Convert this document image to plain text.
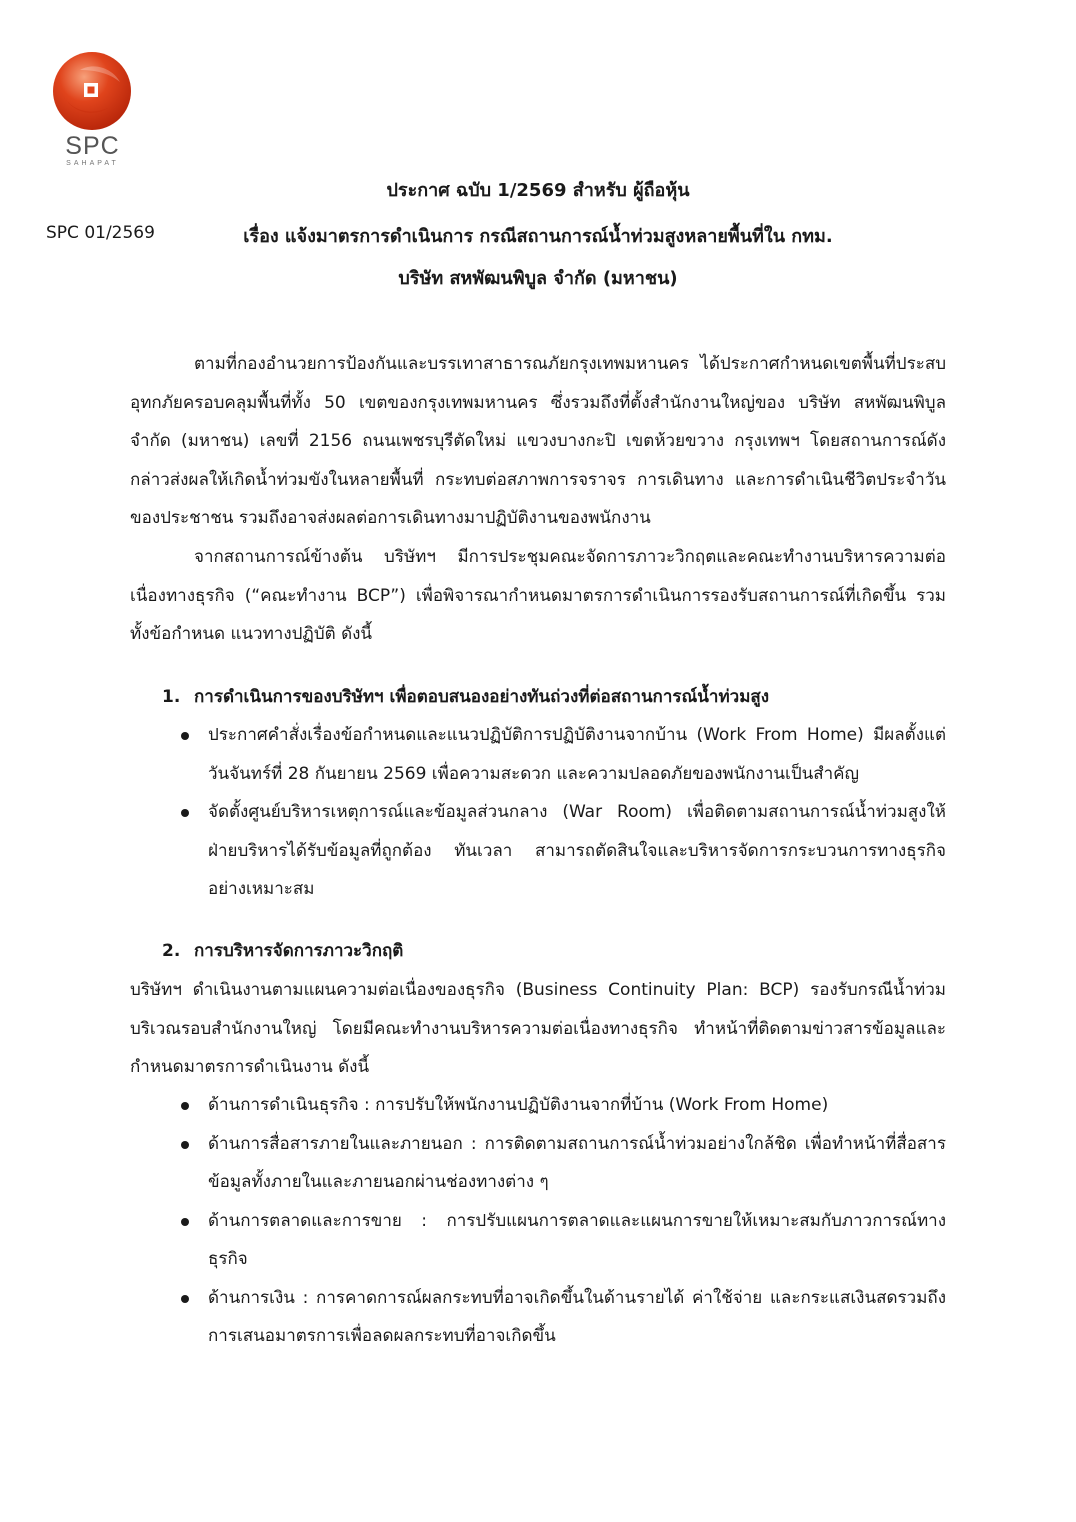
SPC
SAHAPAT
SPC 01/2569
ประกาศ ฉบับ 1/2569 สำหรับ ผู้ถือหุ้น
เรื่อง แจ้งมาตรการดำเนินการ กรณีสถานการณ์น้ำท่วมสูงหลายพื้นที่ใน กทม.
บริษัท สหพัฒนพิบูล จำกัด (มหาชน)

ตามที่กองอำนวยการป้องกันและบรรเทาสาธารณภัยกรุงเทพมหานคร ได้ประกาศกำหนดเขตพื้นที่ประสบอุทกภัยครอบคลุมพื้นที่ทั้ง 50 เขตของกรุงเทพมหานคร ซึ่งรวมถึงที่ตั้งสำนักงานใหญ่ของ บริษัท สหพัฒนพิบูล จำกัด (มหาชน) เลขที่ 2156 ถนนเพชรบุรีตัดใหม่ แขวงบางกะปิ เขตห้วยขวาง กรุงเทพฯ โดยสถานการณ์ดังกล่าวส่งผลให้เกิดน้ำท่วมขังในหลายพื้นที่ กระทบต่อสภาพการจราจร การเดินทาง และการดำเนินชีวิตประจำวันของประชาชน รวมถึงอาจส่งผลต่อการเดินทางมาปฏิบัติงานของพนักงาน

จากสถานการณ์ข้างต้น บริษัทฯ มีการประชุมคณะจัดการภาวะวิกฤตและคณะทำงานบริหารความต่อเนื่องทางธุรกิจ (“คณะทำงาน BCP”) เพื่อพิจารณากำหนดมาตรการดำเนินการรองรับสถานการณ์ที่เกิดขึ้น รวมทั้งข้อกำหนด แนวทางปฏิบัติ ดังนี้

1. การดำเนินการของบริษัทฯ เพื่อตอบสนองอย่างทันถ่วงที่ต่อสถานการณ์น้ำท่วมสูง
ประกาศคำสั่งเรื่องข้อกำหนดและแนวปฏิบัติการปฏิบัติงานจากบ้าน (Work From Home) มีผลตั้งแต่วันจันทร์ที่ 28 กันยายน 2569 เพื่อความสะดวก และความปลอดภัยของพนักงานเป็นสำคัญ
จัดตั้งศูนย์บริหารเหตุการณ์และข้อมูลส่วนกลาง (War Room) เพื่อติดตามสถานการณ์น้ำท่วมสูงให้ฝ่ายบริหารได้รับข้อมูลที่ถูกต้อง ทันเวลา สามารถตัดสินใจและบริหารจัดการกระบวนการทางธุรกิจอย่างเหมาะสม
2. การบริหารจัดการภาวะวิกฤติ

บริษัทฯ ดำเนินงานตามแผนความต่อเนื่องของธุรกิจ (Business Continuity Plan: BCP) รองรับกรณีน้ำท่วมบริเวณรอบสำนักงานใหญ่ โดยมีคณะทำงานบริหารความต่อเนื่องทางธุรกิจ ทำหน้าที่ติดตามข่าวสารข้อมูลและกำหนดมาตรการดำเนินงาน ดังนี้

ด้านการดำเนินธุรกิจ : การปรับให้พนักงานปฏิบัติงานจากที่บ้าน (Work From Home)
ด้านการสื่อสารภายในและภายนอก : การติดตามสถานการณ์น้ำท่วมอย่างใกล้ชิด เพื่อทำหน้าที่สื่อสารข้อมูลทั้งภายในและภายนอกผ่านช่องทางต่าง ๆ
ด้านการตลาดและการขาย : การปรับแผนการตลาดและแผนการขายให้เหมาะสมกับภาวการณ์ทางธุรกิจ
ด้านการเงิน : การคาดการณ์ผลกระทบที่อาจเกิดขึ้นในด้านรายได้ ค่าใช้จ่าย และกระแสเงินสดรวมถึงการเสนอมาตรการเพื่อลดผลกระทบที่อาจเกิดขึ้น
